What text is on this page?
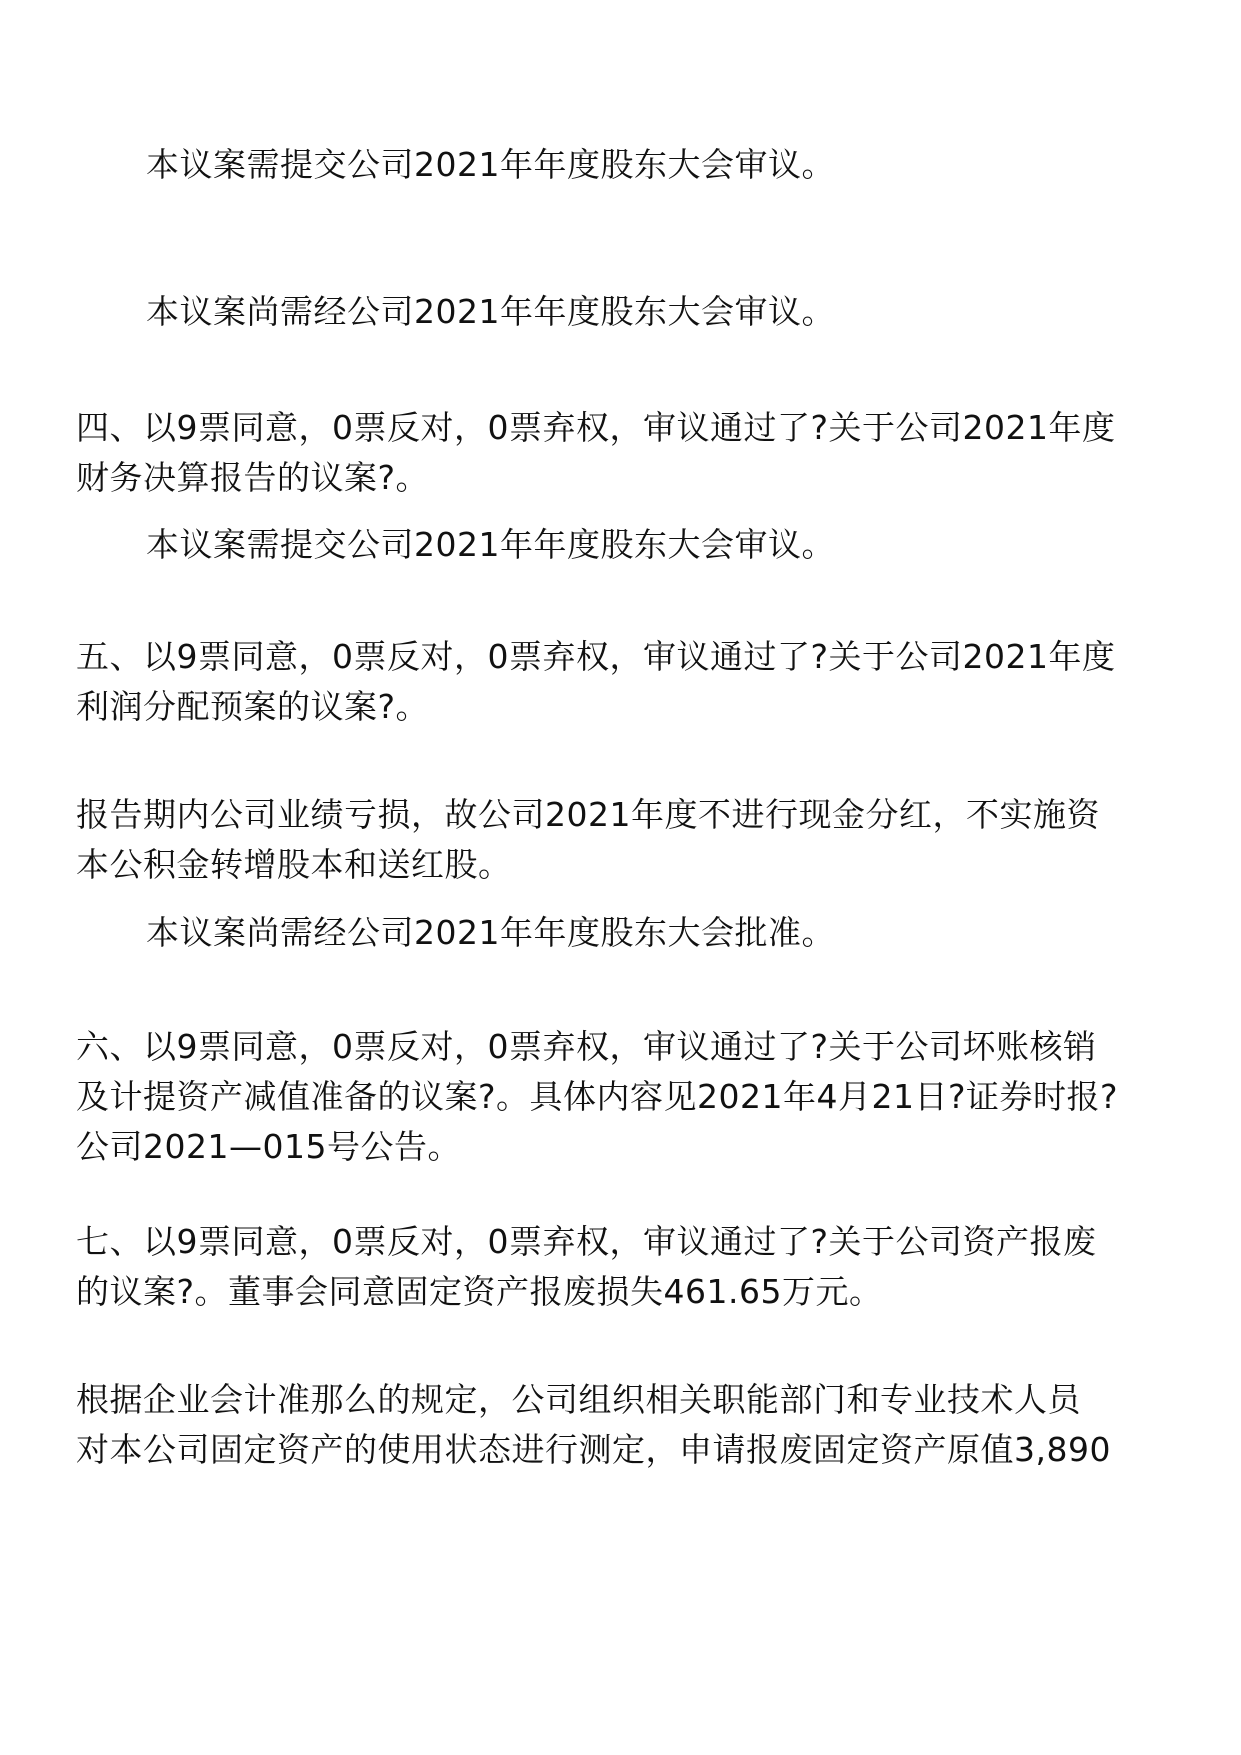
本议案需提交公司2021年年度股东大会审议。
本议案尚需经公司2021年年度股东大会审议。
四、以9票同意，0票反对，0票弃权，审议通过了?关于公司2021年度
财务决算报告的议案?。
本议案需提交公司2021年年度股东大会审议。
五、以9票同意，0票反对，0票弃权，审议通过了?关于公司2021年度
利润分配预案的议案?。
报告期内公司业绩亏损，故公司2021年度不进行现金分红，不实施资
本公积金转增股本和送红股。
本议案尚需经公司2021年年度股东大会批准。
六、以9票同意，0票反对，0票弃权，审议通过了?关于公司坏账核销
及计提资产减值准备的议案?。具体内容见2021年4月21日?证券时报?
公司2021—015号公告。
七、以9票同意，0票反对，0票弃权，审议通过了?关于公司资产报废
的议案?。董事会同意固定资产报废损失461.65万元。
根据企业会计准那么的规定，公司组织相关职能部门和专业技术人员
对本公司固定资产的使用状态进行测定，申请报废固定资产原值3,890
